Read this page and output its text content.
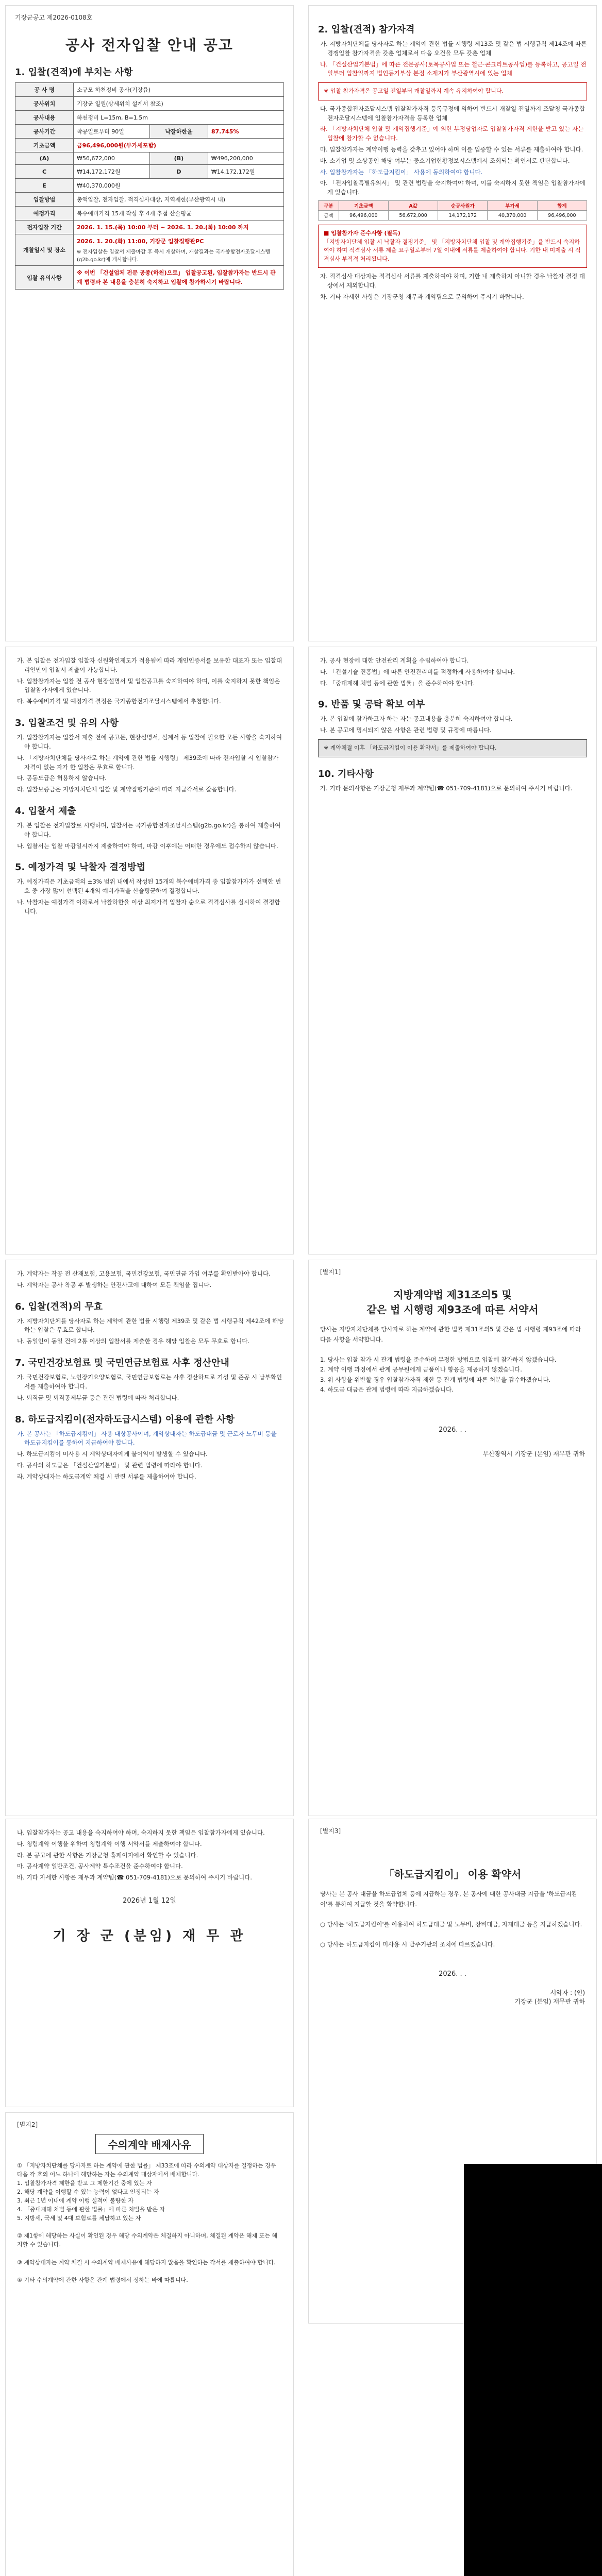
기장군공고 제2026-0108호
공사 전자입찰 안내 공고
1. 입찰(견적)에 부치는 사항
공 사 명	소규모 하천정비 공사(기장읍)		
공사위치	기장군 일원(상세위치 설계서 참조)		
공사내용	하천정비 L=15m, B=1.5m		
공사기간	착공일로부터 90일	낙찰하한율	87.745%
기초금액	금96,496,000원(부가세포함)		
(A)	₩56,672,000	(B)	₩496,200,000
C	₩14,172,172원	D	₩14,172,172원
E	₩40,370,000원		
입찰방법	총액입찰, 전자입찰, 적격심사대상, 지역제한(부산광역시 내)		
예정가격	복수예비가격 15개 작성 후 4개 추첨 산술평균		
전자입찰 기간	2026. 1. 15.(목) 10:00 부터 ~ 2026. 1. 20.(화) 10:00 까지		
개찰일시 및 장소	2026. 1. 20.(화) 11:00, 기장군 입찰집행관PC
※ 전자입찰은 입찰서 제출마감 후 즉시 개찰하며, 개찰결과는 국가종합전자조달시스템(g2b.go.kr)에 게시합니다.		

입찰 유의사항	※ 이번 「건설업체 전문 공종(하천)으로」 입찰공고된, 입찰참가자는 반드시 관계 법령과 본 내용을 충분히 숙지하고 입찰에 참가하시기 바랍니다.		
2. 입찰(견적) 참가자격
가. 지방자치단체를 당사자로 하는 계약에 관한 법률 시행령 제13조 및 같은 법 시행규칙 제14조에 따른 경쟁입찰 참가자격을 갖춘 업체로서 다음 요건을 모두 갖춘 업체
나. 「건설산업기본법」에 따른 전문공사(토목공사업 또는 철근·콘크리트공사업)를 등록하고, 공고일 전일부터 입찰일까지 법인등기부상 본점 소재지가 부산광역시에 있는 업체
※ 입찰 참가자격은 공고일 전일부터 개찰일까지 계속 유지하여야 합니다.
다. 국가종합전자조달시스템 입찰참가자격 등록규정에 의하여 반드시 개찰일 전일까지 조달청 국가종합전자조달시스템에 입찰참가자격을 등록한 업체
라. 「지방자치단체 입찰 및 계약집행기준」에 의한 부정당업자로 입찰참가자격 제한을 받고 있는 자는 입찰에 참가할 수 없습니다.
마. 입찰참가자는 계약이행 능력을 갖추고 있어야 하며 이를 입증할 수 있는 서류를 제출하여야 합니다.
바. 소기업 및 소상공인 해당 여부는 중소기업현황정보시스템에서 조회되는 확인서로 판단합니다.
사. 입찰참가자는 「하도급지킴이」 사용에 동의하여야 합니다.
아. 「전자입찰특별유의서」 및 관련 법령을 숙지하여야 하며, 이를 숙지하지 못한 책임은 입찰참가자에게 있습니다.
구분	기초금액	A값	순공사원가	부가세	합계
금액	96,496,000	56,672,000	14,172,172	40,370,000	96,496,000
■ 입찰참가자 준수사항 (필독)
「지방자치단체 입찰 시 낙찰자 결정기준」 및 「지방자치단체 입찰 및 계약집행기준」을 반드시 숙지하여야 하며 적격심사 서류 제출 요구일로부터 7일 이내에 서류를 제출하여야 합니다. 기한 내 미제출 시 적격심사 부적격 처리됩니다.
자. 적격심사 대상자는 적격심사 서류를 제출하여야 하며, 기한 내 제출하지 아니할 경우 낙찰자 결정 대상에서 제외합니다.
차. 기타 자세한 사항은 기장군청 재무과 계약팀으로 문의하여 주시기 바랍니다.
가. 본 입찰은 전자입찰 입찰자 신원확인제도가 적용됨에 따라 개인인증서를 보유한 대표자 또는 입찰대리인만이 입찰서 제출이 가능합니다.
나. 입찰참가자는 입찰 전 공사 현장설명서 및 입찰공고를 숙지하여야 하며, 이를 숙지하지 못한 책임은 입찰참가자에게 있습니다.
다. 복수예비가격 및 예정가격 결정은 국가종합전자조달시스템에서 추첨합니다.
3. 입찰조건 및 유의 사항
가. 입찰참가자는 입찰서 제출 전에 공고문, 현장설명서, 설계서 등 입찰에 필요한 모든 사항을 숙지하여야 합니다.
나. 「지방자치단체를 당사자로 하는 계약에 관한 법률 시행령」 제39조에 따라 전자입찰 시 입찰참가자격이 없는 자가 한 입찰은 무효로 합니다.
다. 공동도급은 허용하지 않습니다.
라. 입찰보증금은 지방자치단체 입찰 및 계약집행기준에 따라 지급각서로 갈음합니다.
4. 입찰서 제출
가. 본 입찰은 전자입찰로 시행하며, 입찰서는 국가종합전자조달시스템(g2b.go.kr)을 통하여 제출하여야 합니다.
나. 입찰서는 입찰 마감일시까지 제출하여야 하며, 마감 이후에는 어떠한 경우에도 접수하지 않습니다.
5. 예정가격 및 낙찰자 결정방법
가. 예정가격은 기초금액의 ±3% 범위 내에서 작성된 15개의 복수예비가격 중 입찰참가자가 선택한 번호 중 가장 많이 선택된 4개의 예비가격을 산술평균하여 결정합니다.
나. 낙찰자는 예정가격 이하로서 낙찰하한율 이상 최저가격 입찰자 순으로 적격심사를 실시하여 결정합니다.
가. 공사 현장에 대한 안전관리 계획을 수립하여야 합니다.
나. 「건설기술 진흥법」에 따른 안전관리비를 적정하게 사용하여야 합니다.
다. 「중대재해 처벌 등에 관한 법률」을 준수하여야 합니다.
9. 반품 및 공탁 확보 여부
가. 본 입찰에 참가하고자 하는 자는 공고내용을 충분히 숙지하여야 합니다.
나. 본 공고에 명시되지 않은 사항은 관련 법령 및 규정에 따릅니다.
※ 계약체결 이후 「하도급지킴이 이용 확약서」를 제출하여야 합니다.
10. 기타사항
가. 기타 문의사항은 기장군청 재무과 계약팀(☎ 051-709-4181)으로 문의하여 주시기 바랍니다.
가. 계약자는 착공 전 산재보험, 고용보험, 국민건강보험, 국민연금 가입 여부를 확인받아야 합니다.
나. 계약자는 공사 착공 후 발생하는 안전사고에 대하여 모든 책임을 집니다.
6. 입찰(견적)의 무효
가. 지방자치단체를 당사자로 하는 계약에 관한 법률 시행령 제39조 및 같은 법 시행규칙 제42조에 해당하는 입찰은 무효로 합니다.
나. 동일인이 동일 건에 2통 이상의 입찰서를 제출한 경우 해당 입찰은 모두 무효로 합니다.
7. 국민건강보험료 및 국민연금보험료 사후 정산안내
가. 국민건강보험료, 노인장기요양보험료, 국민연금보험료는 사후 정산하므로 기성 및 준공 시 납부확인서를 제출하여야 합니다.
나. 퇴직금 및 퇴직공제부금 등은 관련 법령에 따라 처리합니다.
8. 하도급지킴이(전자하도급시스템) 이용에 관한 사항
가. 본 공사는 「하도급지킴이」 사용 대상공사이며, 계약상대자는 하도급대금 및 근로자 노무비 등을 하도급지킴이를 통하여 지급하여야 합니다.
나. 하도급지킴이 미사용 시 계약상대자에게 불이익이 발생할 수 있습니다.
다. 공사의 하도급은 「건설산업기본법」 및 관련 법령에 따라야 합니다.
라. 계약상대자는 하도급계약 체결 시 관련 서류를 제출하여야 합니다.
나. 입찰참가자는 공고 내용을 숙지하여야 하며, 숙지하지 못한 책임은 입찰참가자에게 있습니다.
다. 청렴계약 이행을 위하여 청렴계약 이행 서약서를 제출하여야 합니다.
라. 본 공고에 관한 사항은 기장군청 홈페이지에서 확인할 수 있습니다.
마. 공사계약 일반조건, 공사계약 특수조건을 준수하여야 합니다.
바. 기타 자세한 사항은 재무과 계약팀(☎ 051-709-4181)으로 문의하여 주시기 바랍니다.
2026년 1월 12일
기 장 군 (분임) 재 무 관
[별지1]
지방계약법 제31조의5 및
같은 법 시행령 제93조에 따른 서약서
당사는 지방자치단체를 당사자로 하는 계약에 관한 법률 제31조의5 및 같은 법 시행령 제93조에 따라 다음 사항을 서약합니다.

1. 당사는 입찰 참가 시 관계 법령을 준수하며 부정한 방법으로 입찰에 참가하지 않겠습니다.
2. 계약 이행 과정에서 관계 공무원에게 금품이나 향응을 제공하지 않겠습니다.
3. 위 사항을 위반할 경우 입찰참가자격 제한 등 관계 법령에 따른 처분을 감수하겠습니다.
4. 하도급 대금은 관계 법령에 따라 지급하겠습니다.
2026. . .
부산광역시 기장군 (분임) 재무관 귀하
[별지2]
수의계약 배제사유
① 「지방자치단체를 당사자로 하는 계약에 관한 법률」 제33조에 따라 수의계약 대상자를 결정하는 경우 다음 각 호의 어느 하나에 해당하는 자는 수의계약 대상자에서 배제합니다.
1. 입찰참가자격 제한을 받고 그 제한기간 중에 있는 자
2. 해당 계약을 이행할 수 있는 능력이 없다고 인정되는 자
3. 최근 1년 이내에 계약 이행 실적이 불량한 자
4. 「중대재해 처벌 등에 관한 법률」에 따른 처벌을 받은 자
5. 지방세, 국세 및 4대 보험료를 체납하고 있는 자

② 제1항에 해당하는 사실이 확인된 경우 해당 수의계약은 체결하지 아니하며, 체결된 계약은 해제 또는 해지할 수 있습니다.

③ 계약상대자는 계약 체결 시 수의계약 배제사유에 해당하지 않음을 확인하는 각서를 제출하여야 합니다.

④ 기타 수의계약에 관한 사항은 관계 법령에서 정하는 바에 따릅니다.
[별지3]
「하도급지킴이」 이용 확약서
당사는 본 공사 대금을 하도급업체 등에 지급하는 경우, 본 공사에 대한 공사대금 지급을 '하도급지킴이'를 통하여 지급할 것을 확약합니다.

○ 당사는 '하도급지킴이'를 이용하여 하도급대금 및 노무비, 장비대금, 자재대금 등을 지급하겠습니다.

○ 당사는 하도급지킴이 미사용 시 발주기관의 조치에 따르겠습니다.
2026. . .
서약자 : (인)
기장군 (분임) 재무관 귀하
